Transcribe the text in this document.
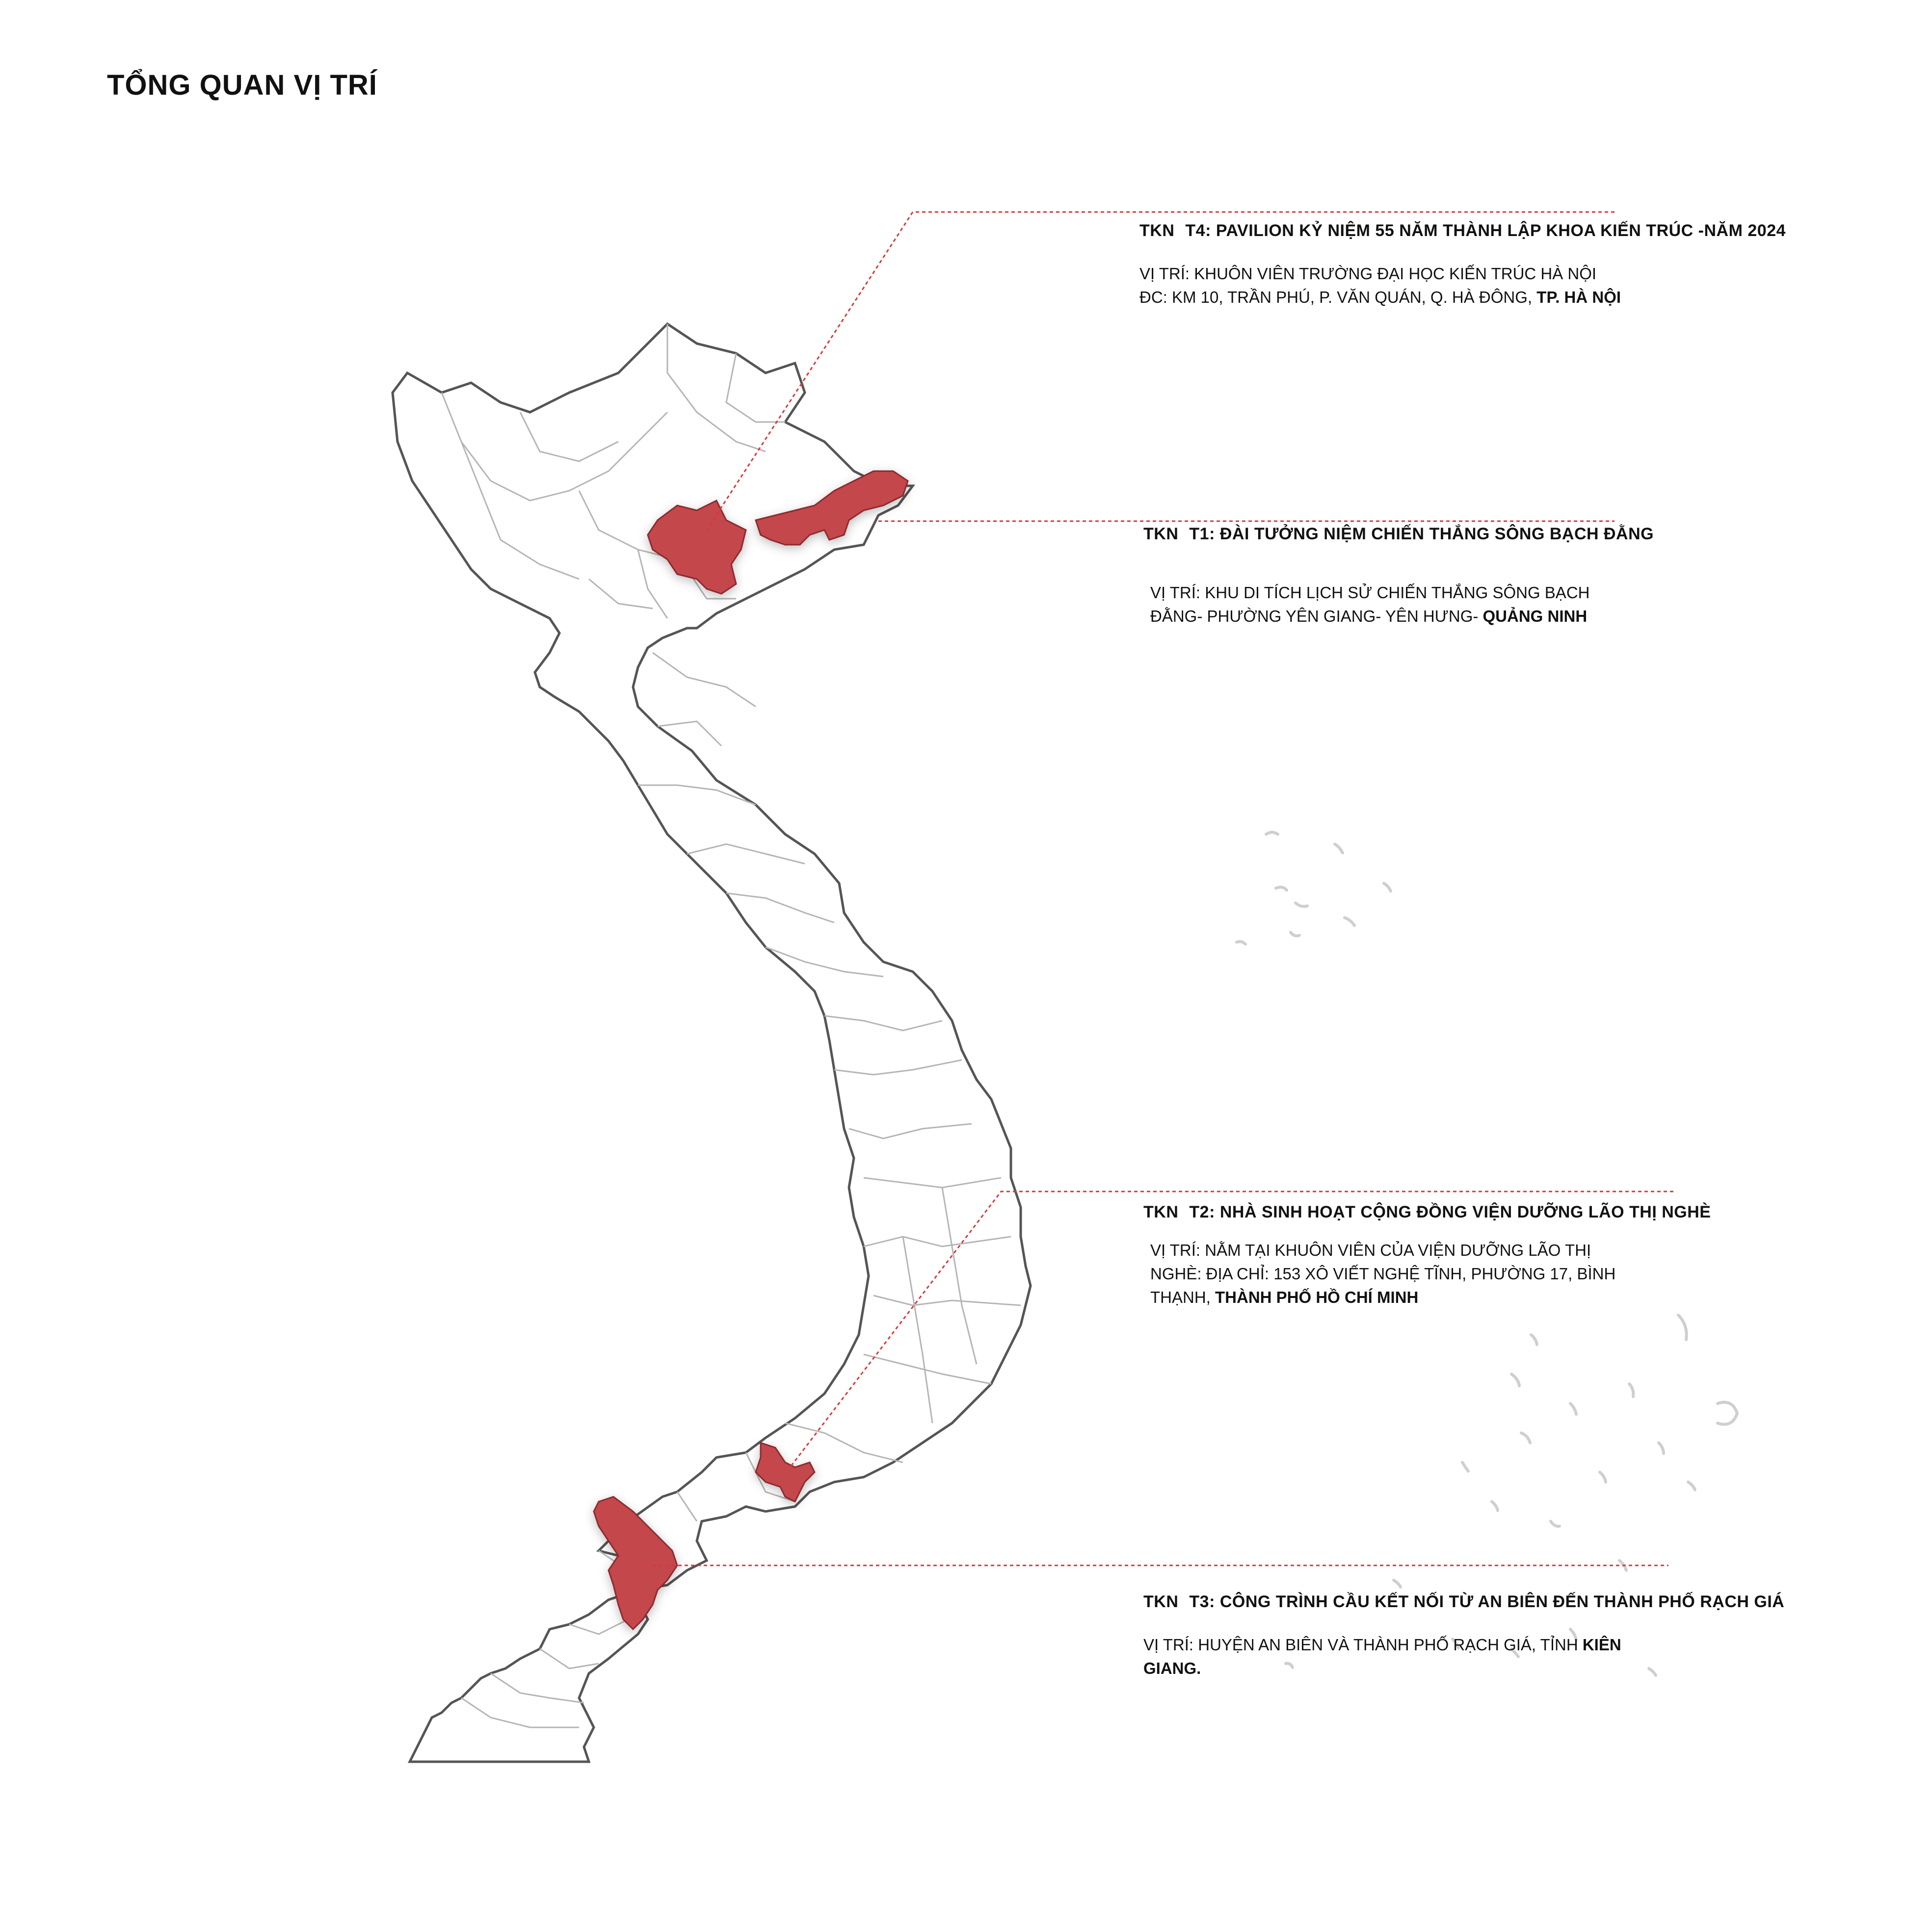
TỔNG QUAN VỊ TRÍ
TKN T4: PAVILION KỶ NIỆM 55 NĂM THÀNH LẬP KHOA KIẾN TRÚC -NĂM 2024
VỊ TRÍ: KHUÔN VIÊN TRƯỜNG ĐẠI HỌC KIẾN TRÚC HÀ NỘI
ĐC: KM 10, TRẦN PHÚ, P. VĂN QUÁN, Q. HÀ ĐÔNG, TP. HÀ NỘI
TKN T1: ĐÀI TƯỞNG NIỆM CHIẾN THẮNG SÔNG BẠCH ĐẰNG
VỊ TRÍ: KHU DI TÍCH LỊCH SỬ CHIẾN THẮNG SÔNG BẠCH
ĐẰNG- PHƯỜNG YÊN GIANG- YÊN HƯNG- QUẢNG NINH
TKN T2: NHÀ SINH HOẠT CỘNG ĐỒNG VIỆN DƯỠNG LÃO THỊ NGHÈ
VỊ TRÍ: NẰM TẠI KHUÔN VIÊN CỦA VIỆN DƯỠNG LÃO THỊ
NGHÈ: ĐỊA CHỈ: 153 XÔ VIẾT NGHỆ TĨNH, PHƯỜNG 17, BÌNH
THẠNH, THÀNH PHỐ HỒ CHÍ MINH
TKN T3: CÔNG TRÌNH CẦU KẾT NỐI TỪ AN BIÊN ĐẾN THÀNH PHỐ RẠCH GIÁ
VỊ TRÍ: HUYỆN AN BIÊN VÀ THÀNH PHỐ RẠCH GIÁ, TỈNH KIÊN
GIANG.
